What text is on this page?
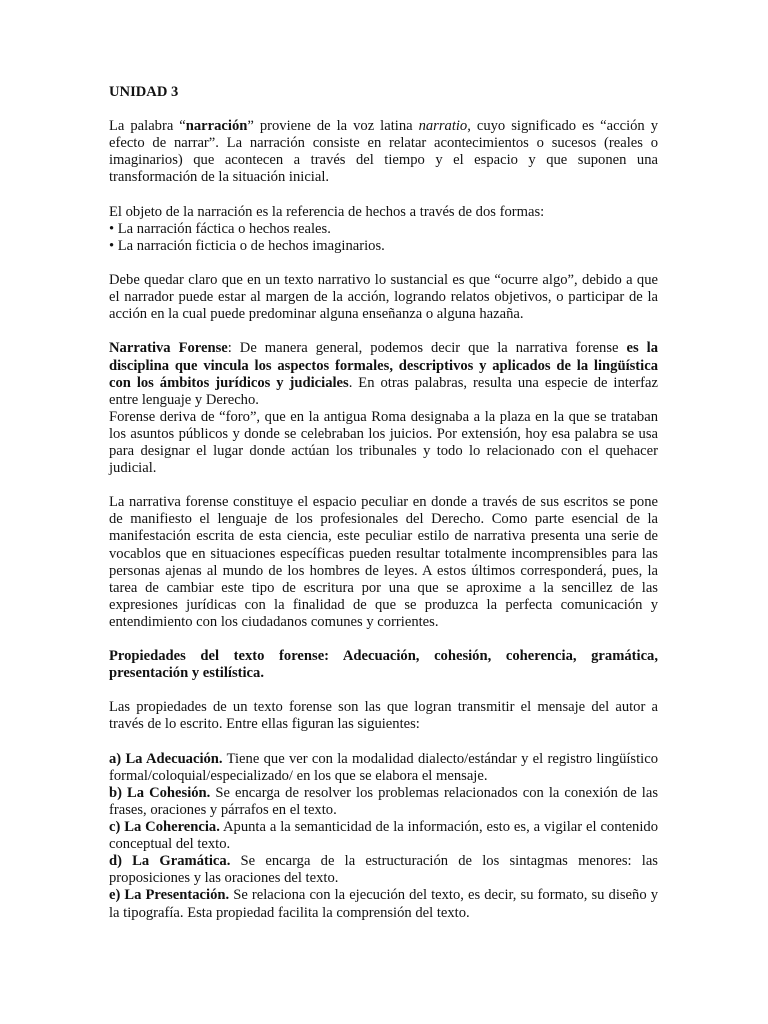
UNIDAD 3

La palabra “narración” proviene de la voz latina narratio, cuyo significado es “acción y efecto de narrar”. La narración consiste en relatar acontecimientos o sucesos (reales o imaginarios) que acontecen a través del tiempo y el espacio y que suponen una transformación de la situación inicial.

El objeto de la narración es la referencia de hechos a través de dos formas:

• La narración fáctica o hechos reales.

• La narración ficticia o de hechos imaginarios.

Debe quedar claro que en un texto narrativo lo sustancial es que “ocurre algo”, debido a que el narrador puede estar al margen de la acción, logrando relatos objetivos, o participar de la acción en la cual puede predominar alguna enseñanza o alguna hazaña.

Narrativa Forense: De manera general, podemos decir que la narrativa forense es la disciplina que vincula los aspectos formales, descriptivos y aplicados de la lingüística con los ámbitos jurídicos y judiciales. En otras palabras, resulta una especie de interfaz entre lenguaje y Derecho.

Forense deriva de “foro”, que en la antigua Roma designaba a la plaza en la que se trataban los asuntos públicos y donde se celebraban los juicios. Por extensión, hoy esa palabra se usa para designar el lugar donde actúan los tribunales y todo lo relacionado con el quehacer judicial.

La narrativa forense constituye el espacio peculiar en donde a través de sus escritos se pone de manifiesto el lenguaje de los profesionales del Derecho. Como parte esencial de la manifestación escrita de esta ciencia, este peculiar estilo de narrativa presenta una serie de vocablos que en situaciones específicas pueden resultar totalmente incomprensibles para las personas ajenas al mundo de los hombres de leyes. A estos últimos corresponderá, pues, la tarea de cambiar este tipo de escritura por una que se aproxime a la sencillez de las expresiones jurídicas con la finalidad de que se produzca la perfecta comunicación y entendimiento con los ciudadanos comunes y corrientes.

Propiedades del texto forense: Adecuación, cohesión, coherencia, gramática, presentación y estilística.

Las propiedades de un texto forense son las que logran transmitir el mensaje del autor a través de lo escrito. Entre ellas figuran las siguientes:

a) La Adecuación. Tiene que ver con la modalidad dialecto/estándar y el registro lingüístico formal/coloquial/especializado/ en los que se elabora el mensaje.

b) La Cohesión. Se encarga de resolver los problemas relacionados con la conexión de las frases, oraciones y párrafos en el texto.

c) La Coherencia. Apunta a la semanticidad de la información, esto es, a vigilar el contenido conceptual del texto.

d) La Gramática. Se encarga de la estructuración de los sintagmas menores: las proposiciones y las oraciones del texto.

e) La Presentación. Se relaciona con la ejecución del texto, es decir, su formato, su diseño y la tipografía. Esta propiedad facilita la comprensión del texto.
